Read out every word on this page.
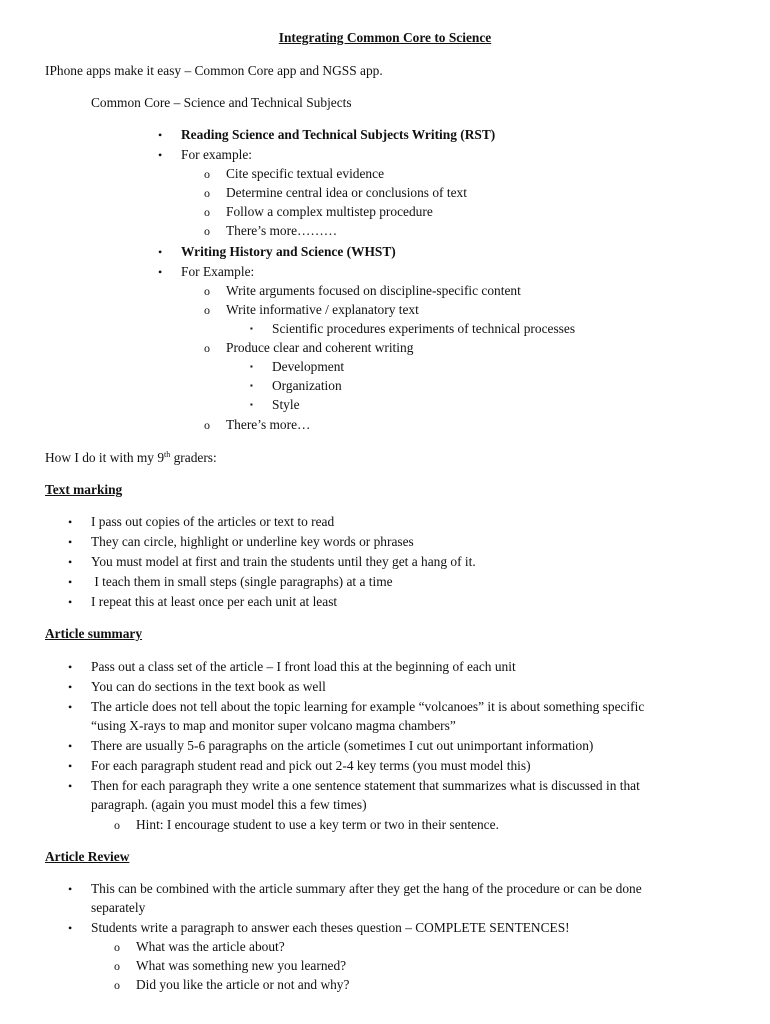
Integrating Common Core to Science
IPhone apps make it easy – Common Core app and NGSS app.
Common Core – Science and Technical Subjects
• Reading Science and Technical Subjects Writing (RST)
• For example:
o Cite specific textual evidence
o Determine central idea or conclusions of text
o Follow a complex multistep procedure
o There’s more………
• Writing History and Science (WHST)
• For Example:
o Write arguments focused on discipline-specific content
o Write informative / explanatory text
▪ Scientific procedures experiments of technical processes
o Produce clear and coherent writing
▪ Development
▪ Organization
▪ Style
o There’s more…
How I do it with my 9th graders:
Text marking
• I pass out copies of the articles or text to read
• They can circle, highlight or underline key words or phrases
• You must model at first and train the students until they get a hang of it.
• I teach them in small steps (single paragraphs) at a time
• I repeat this at least once per each unit at least
Article summary
• Pass out a class set of the article – I front load this at the beginning of each unit
• You can do sections in the text book as well
• The article does not tell about the topic learning for example “volcanoes” it is about something specific
“using X-rays to map and monitor super volcano magma chambers”
• There are usually 5-6 paragraphs on the article (sometimes I cut out unimportant information)
• For each paragraph student read and pick out 2-4 key terms (you must model this)
• Then for each paragraph they write a one sentence statement that summarizes what is discussed in that
paragraph. (again you must model this a few times)
o Hint: I encourage student to use a key term or two in their sentence.
Article Review
• This can be combined with the article summary after they get the hang of the procedure or can be done
separately
• Students write a paragraph to answer each theses question – COMPLETE SENTENCES!
o What was the article about?
o What was something new you learned?
o Did you like the article or not and why?
